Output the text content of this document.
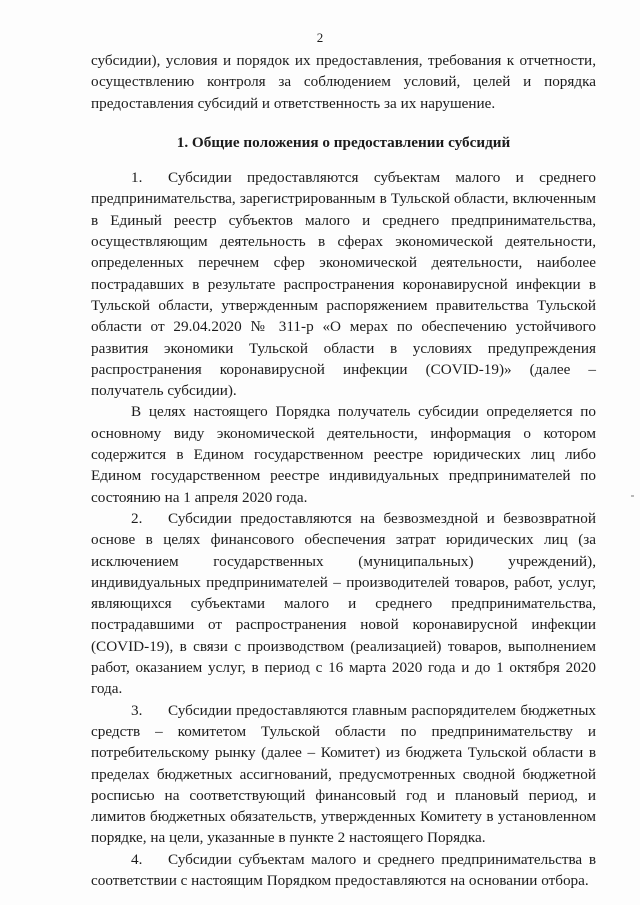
2

субсидии), условия и порядок их предоставления, требования к отчетности, осуществлению контроля за соблюдением условий, целей и порядка предоставления субсидий и ответственность за их нарушение.

1. Общие положения о предоставлении субсидий

1. Субсидии предоставляются субъектам малого и среднего предпринимательства, зарегистрированным в Тульской области, включенным в Единый реестр субъектов малого и среднего предпринимательства, осуществляющим деятельность в сферах экономической деятельности, определенных перечнем сфер экономической деятельности, наиболее пострадавших в результате распространения коронавирусной инфекции в Тульской области, утвержденным распоряжением правительства Тульской области от 29.04.2020 № 311-р «О мерах по обеспечению устойчивого развития экономики Тульской области в условиях предупреждения распространения коронавирусной инфекции (COVID-19)» (далее – получатель субсидии).

В целях настоящего Порядка получатель субсидии определяется по основному виду экономической деятельности, информация о котором содержится в Едином государственном реестре юридических лиц либо Едином государственном реестре индивидуальных предпринимателей по состоянию на 1 апреля 2020 года.

2. Субсидии предоставляются на безвозмездной и безвозвратной основе в целях финансового обеспечения затрат юридических лиц (за исключением государственных (муниципальных) учреждений), индивидуальных предпринимателей – производителей товаров, работ, услуг, являющихся субъектами малого и среднего предпринимательства, пострадавшими от распространения новой коронавирусной инфекции (COVID-19), в связи с производством (реализацией) товаров, выполнением работ, оказанием услуг, в период с 16 марта 2020 года и до 1 октября 2020 года.

3. Субсидии предоставляются главным распорядителем бюджетных средств – комитетом Тульской области по предпринимательству и потребительскому рынку (далее – Комитет) из бюджета Тульской области в пределах бюджетных ассигнований, предусмотренных сводной бюджетной росписью на соответствующий финансовый год и плановый период, и лимитов бюджетных обязательств, утвержденных Комитету в установленном порядке, на цели, указанные в пункте 2 настоящего Порядка.

4. Субсидии субъектам малого и среднего предпринимательства в соответствии с настоящим Порядком предоставляются на основании отбора.
